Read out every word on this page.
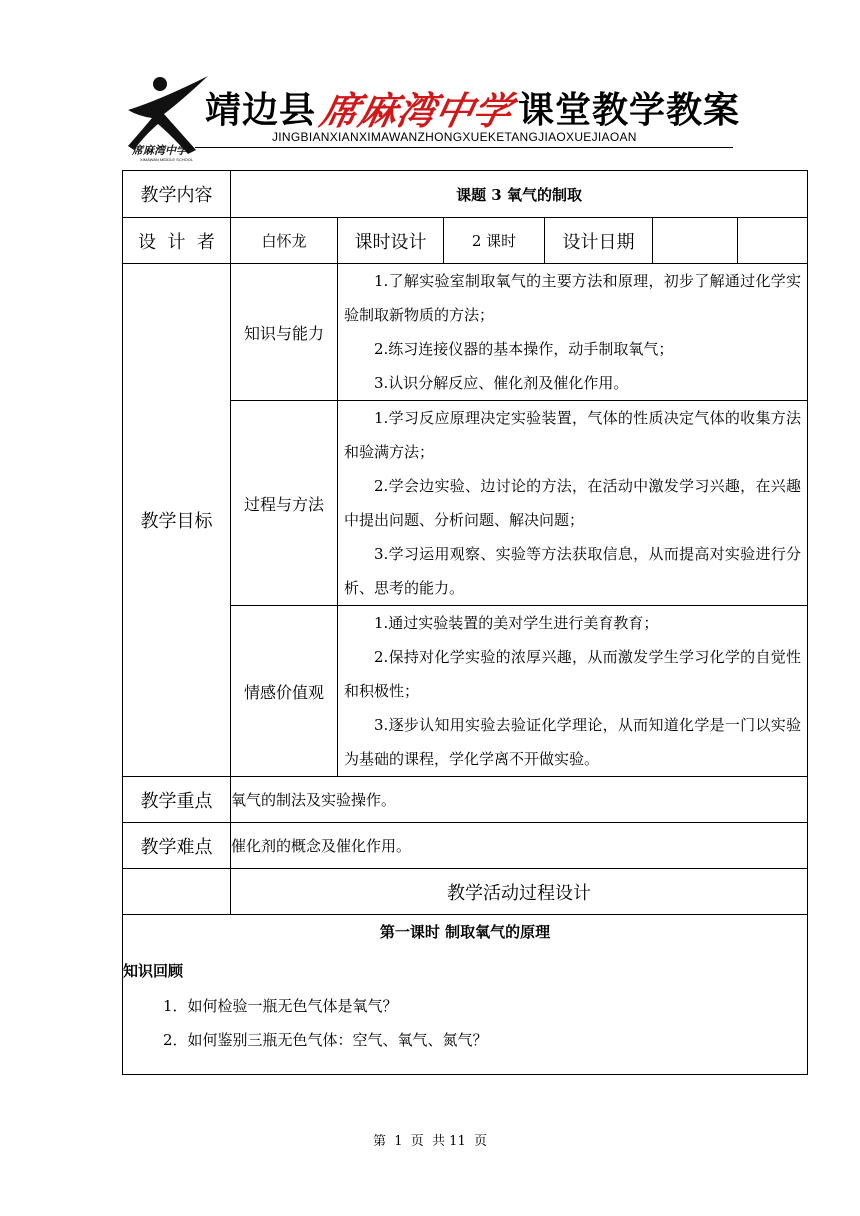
席麻湾中学
XIMAWAN MIDDLE SCHOOL
靖边县 席麻湾中学 课堂教学教案
JINGBIANXIANXIMAWANZHONGXUEKETANGJIAOXUEJIAOAN
教学内容	课题 3 氧气的制取					
设  计  者	白怀龙	课时设计	2 课时	设计日期		
教学目标	知识与能力	1.了解实验室制取氧气的主要方法和原理，初步了解通过化学实验制取新物质的方法；

2.练习连接仪器的基本操作，动手制取氧气；

3.认识分解反应、催化剂及催化作用。				

	过程与方法	1.学习反应原理决定实验装置，气体的性质决定气体的收集方法和验满方法；

2.学会边实验、边讨论的方法，在活动中激发学习兴趣，在兴趣中提出问题、分析问题、解决问题；

3.学习运用观察、实验等方法获取信息，从而提高对实验进行分析、思考的能力。				

	情感价值观	1.通过实验装置的美对学生进行美育教育；

2.保持对化学实验的浓厚兴趣，从而激发学生学习化学的自觉性和积极性；

3.逐步认知用实验去验证化学理论，从而知道化学是一门以实验为基础的课程，学化学离不开做实验。				

教学重点	氧气的制法及实验操作。					
教学难点	催化剂的概念及催化作用。					
	教学活动过程设计					

第一课时 制取氧气的原理
知识回顾

1．如何检验一瓶无色气体是氧气？

2．如何鉴别三瓶无色气体：空气、氧气、氮气？						

第  1  页  共 11  页
